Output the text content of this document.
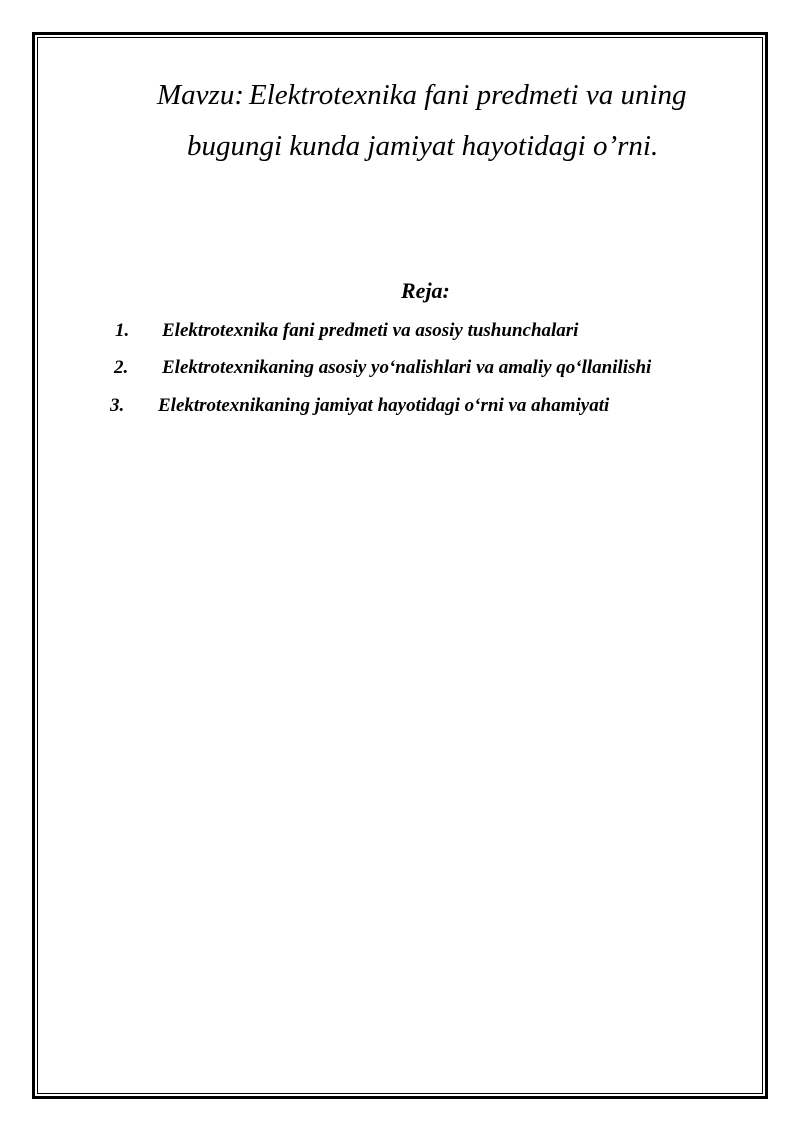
Mavzu: Elektrotexnika fani predmeti va uning
bugungi kunda jamiyat hayotidagi o’rni.
Reja:
1. Elektrotexnika fani predmeti va asosiy tushunchalari
2. Elektrotexnikaning asosiy yo‘nalishlari va amaliy qo‘llanilishi
3. Elektrotexnikaning jamiyat hayotidagi o‘rni va ahamiyati
